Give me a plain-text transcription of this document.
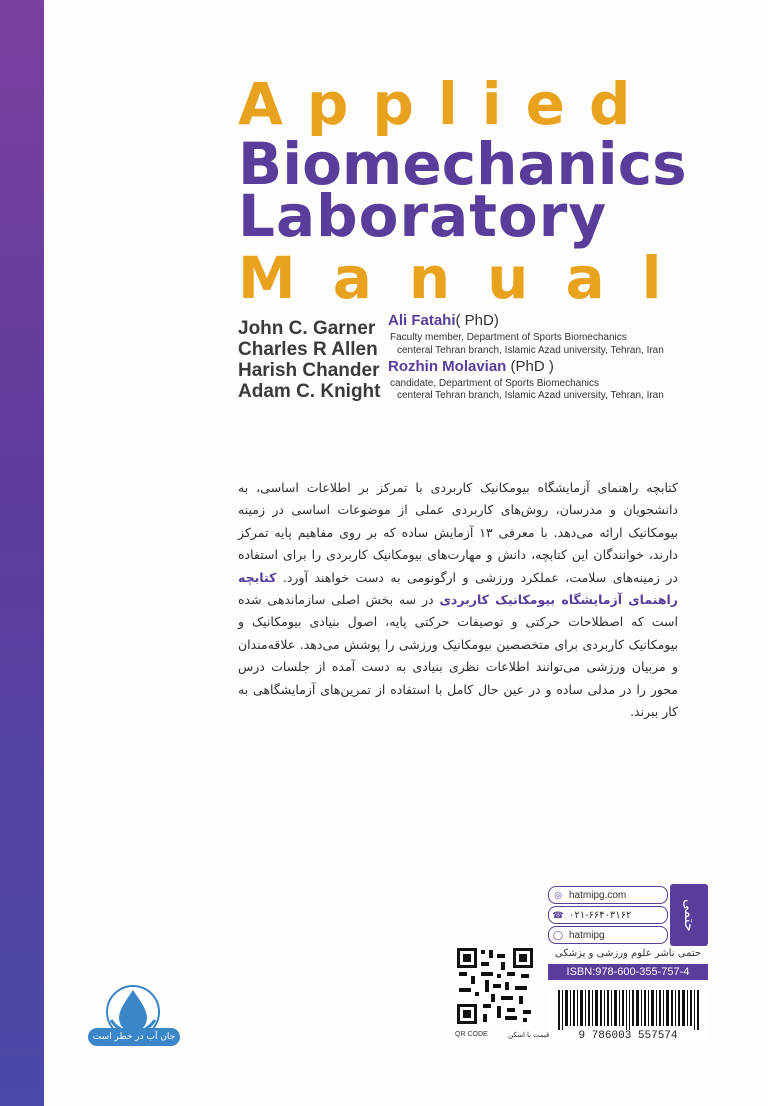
Applied
Biomechanics
Laboratory
Manual
John C. Garner
Charles R Allen
Harish Chander
Adam C. Knight
Ali Fatahi( PhD)
Faculty member, Department of Sports Biomechanics
centeral Tehran branch, Islamic Azad university, Tehran, Iran
Rozhin Molavian (PhD )
candidate, Department of Sports Biomechanics
centeral Tehran branch, Islamic Azad university, Tehran, Iran
کتابچه راهنمای آزمایشگاه بیومکانیک کاربردی با تمرکز بر اطلاعات اساسی، به دانشجویان و مدرسان، روش‌های کاربردی عملی از موضوعات اساسی در زمینه بیومکانیک ارائه می‌دهد. با معرفی ۱۳ آزمایش ساده که بر روی مفاهیم پایه تمرکز دارند، خوانندگان این کتابچه، دانش و مهارت‌های بیومکانیک کاربردی را برای استفاده در زمینه‌های سلامت، عملکرد ورزشی و ارگونومی به دست خواهند آورد. کتابچه راهنمای آزمایشگاه بیومکانیک کاربردی در سه بخش اصلی سازماندهی شده است که اصطلاحات حرکتی و توصیفات حرکتی پایه، اصول بنیادی بیومکانیک و بیومکانیک کاربردی برای متخصصین بیومکانیک ورزشی را پوشش می‌دهد. علاقه‌مندان و مربیان ورزشی می‌توانند اطلاعات نظری بنیادی به دست آمده از جلسات درس محور را در مدلی ساده و در عین حال کامل با استفاده از تمرین‌های آزمایشگاهی به کار ببرند.
◎ hatmipg.com
☎ ۰۲۱-۶۶۴۰۳۱۶۲
◯ hatmipg
حتمی
حتمی ناشر علوم ورزشی و پزشکی
ISBN:978-600-355-757-4
9 786003 557574
QR CODE	قیمت با اسکن
جان آب در خطر است
